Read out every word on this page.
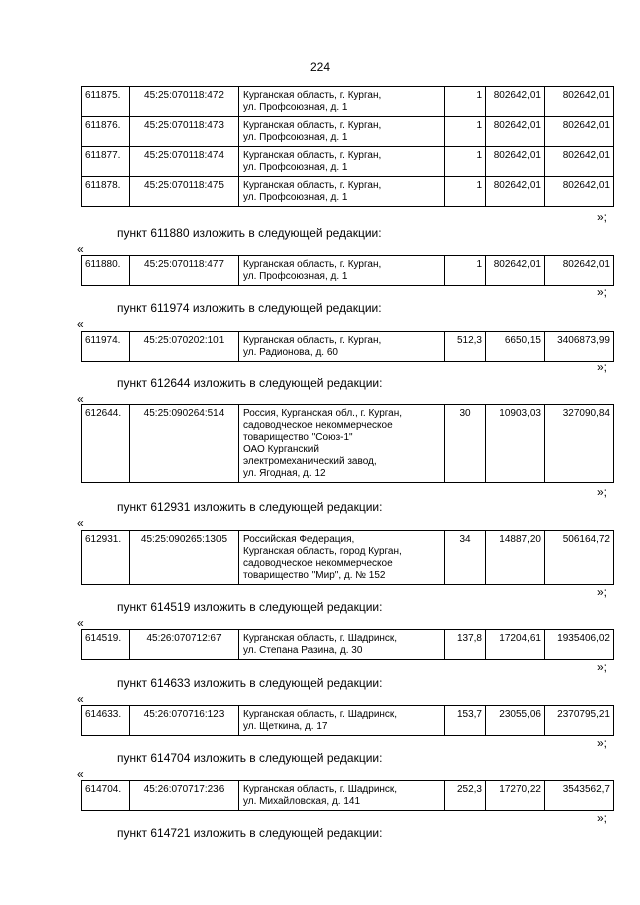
224
611875.	45:25:070118:472	Курганская область, г. Курган,
ул. Профсоюзная, д. 1	1	802642,01	802642,01
611876.	45:25:070118:473	Курганская область, г. Курган,
ул. Профсоюзная, д. 1	1	802642,01	802642,01
611877.	45:25:070118:474	Курганская область, г. Курган,
ул. Профсоюзная, д. 1	1	802642,01	802642,01
611878.	45:25:070118:475	Курганская область, г. Курган,
ул. Профсоюзная, д. 1	1	802642,01	802642,01
»;
пункт 611880 изложить в следующей редакции:
«
611880.	45:25:070118:477	Курганская область, г. Курган,
ул. Профсоюзная, д. 1
	1	802642,01	802642,01
»;
пункт 611974 изложить в следующей редакции:
«
611974.	45:25:070202:101	Курганская область, г. Курган,
ул. Радионова, д. 60
	512,3	6650,15	3406873,99
»;
пункт 612644 изложить в следующей редакции:
«
612644.	45:25:090264:514	Россия, Курганская обл., г. Курган,
садоводческое некоммерческое
товарищество "Союз-1"
ОАО Курганский
электромеханический завод,
ул. Ягодная, д. 12
	30	10903,03	327090,84
»;
пункт 612931 изложить в следующей редакции:
«
612931.	45:25:090265:1305	Российская Федерация,
Курганская область, город Курган,
садоводческое некоммерческое
товарищество "Мир", д. № 152
	34	14887,20	506164,72
»;
пункт 614519 изложить в следующей редакции:
«
614519.	45:26:070712:67	Курганская область, г. Шадринск,
ул. Степана Разина, д. 30
	137,8	17204,61	1935406,02
»;
пункт 614633 изложить в следующей редакции:
«
614633.	45:26:070716:123	Курганская область, г. Шадринск,
ул. Щеткина, д. 17
	153,7	23055,06	2370795,21
»;
пункт 614704 изложить в следующей редакции:
«
614704.	45:26:070717:236	Курганская область, г. Шадринск,
ул. Михайловская, д. 141
	252,3	17270,22	3543562,7
»;
пункт 614721 изложить в следующей редакции:
